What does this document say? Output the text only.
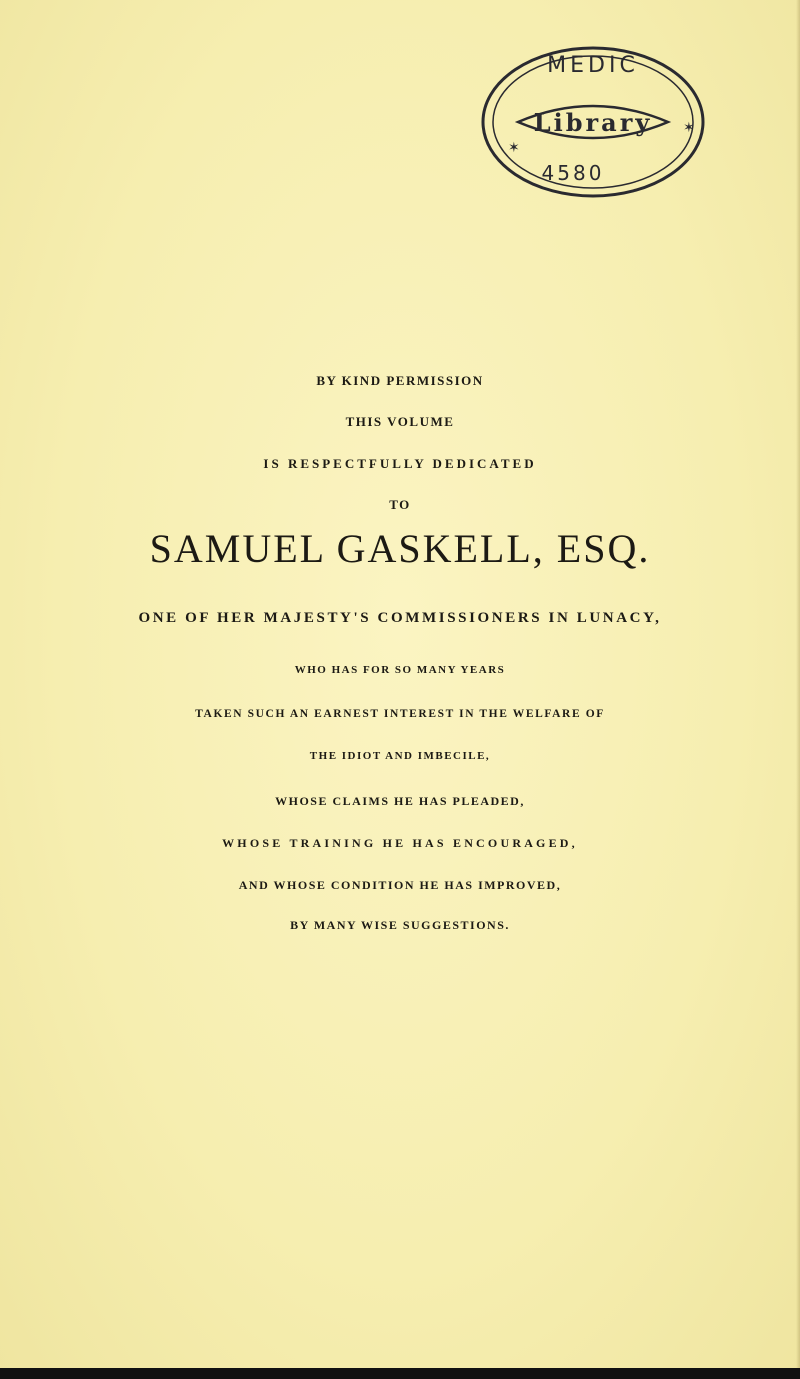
MEDIC
Library
4580
✶
✶
BY KIND PERMISSION
THIS VOLUME
IS RESPECTFULLY DEDICATED
TO
SAMUEL GASKELL, ESQ.
ONE OF HER MAJESTY'S COMMISSIONERS IN LUNACY,
WHO HAS FOR SO MANY YEARS
TAKEN SUCH AN EARNEST INTEREST IN THE WELFARE OF
THE IDIOT AND IMBECILE,
WHOSE CLAIMS HE HAS PLEADED,
WHOSE TRAINING HE HAS ENCOURAGED,
AND WHOSE CONDITION HE HAS IMPROVED,
BY MANY WISE SUGGESTIONS.
